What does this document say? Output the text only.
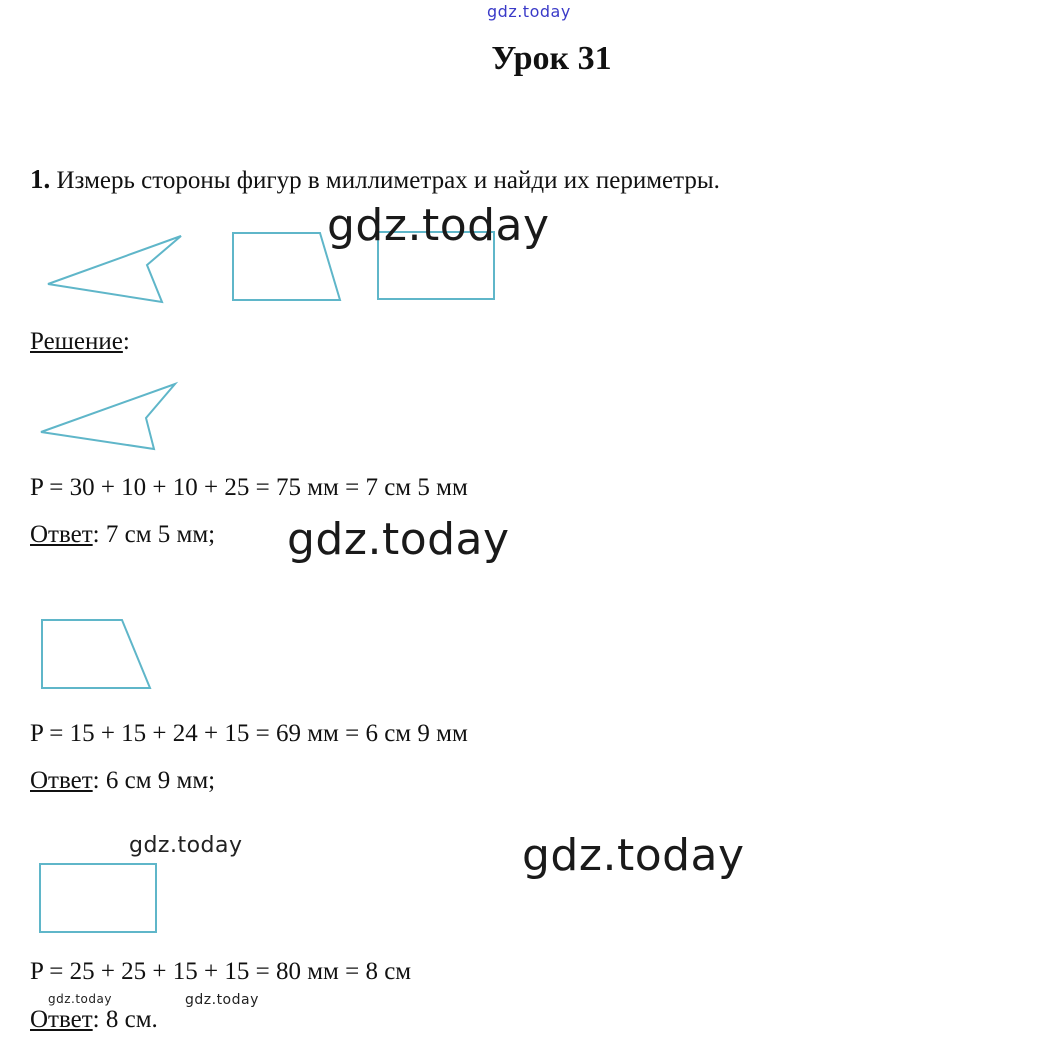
gdz.today
Урок 31
1. Измерь стороны фигур в миллиметрах и найди их периметры.
gdz.today
Решение:
P = 30 + 10 + 10 + 25 = 75 мм = 7 см 5 мм
Ответ: 7 см 5 мм; gdz.today
P = 15 + 15 + 24 + 15 = 69 мм = 6 см 9 мм
Ответ: 6 см 9 мм;
gdz.today	gdz.today
P = 25 + 25 + 15 + 15 = 80 мм = 8 см
gdz.today	gdz.today
Ответ: 8 см.
